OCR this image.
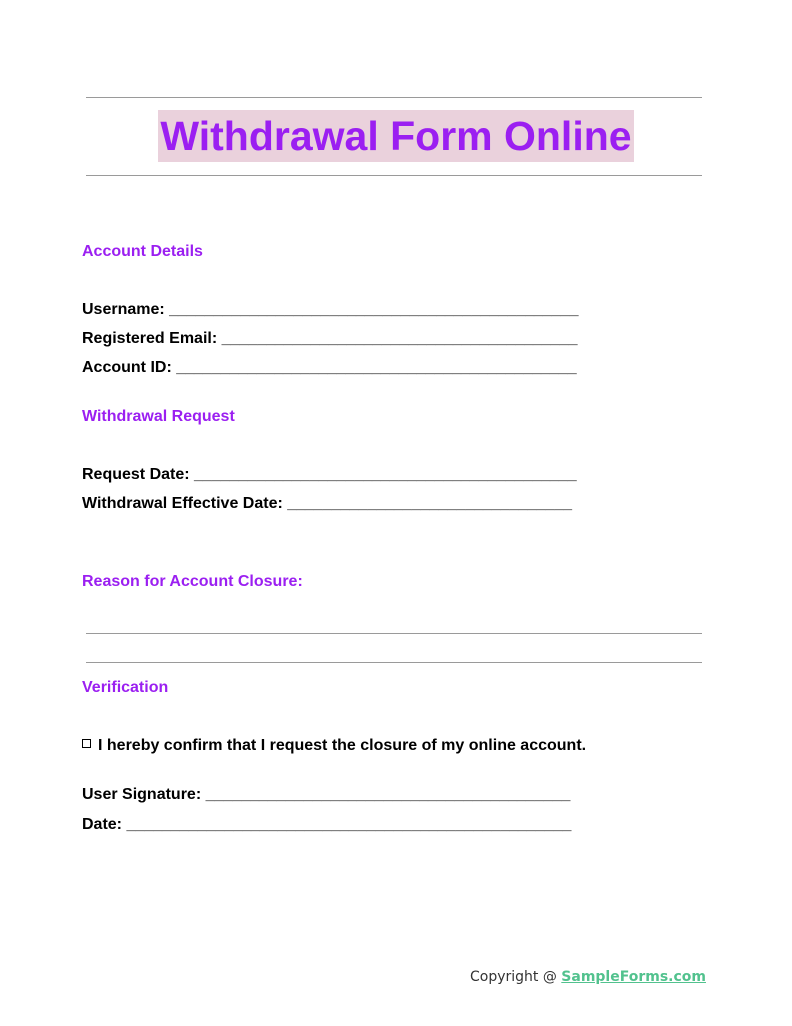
Withdrawal Form Online
Account Details
Username: ______________________________________________
Registered Email: ________________________________________
Account ID: _____________________________________________
Withdrawal Request
Request Date: ___________________________________________
Withdrawal Effective Date: ________________________________
Reason for Account Closure:
Verification
I hereby confirm that I request the closure of my online account.
User Signature: _________________________________________
Date: __________________________________________________
Copyright @ SampleForms.com
